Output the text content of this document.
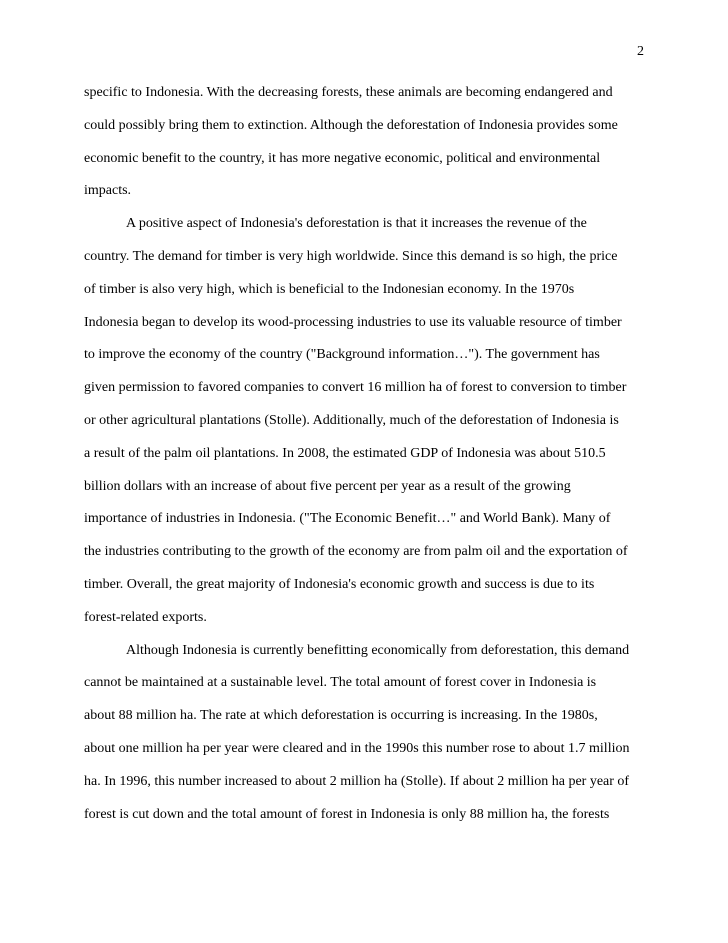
2
specific to Indonesia. With the decreasing forests, these animals are becoming endangered and
could possibly bring them to extinction. Although the deforestation of Indonesia provides some
economic benefit to the country, it has more negative economic, political and environmental
impacts.
A positive aspect of Indonesia's deforestation is that it increases the revenue of the
country. The demand for timber is very high worldwide. Since this demand is so high, the price
of timber is also very high, which is beneficial to the Indonesian economy. In the 1970s
Indonesia began to develop its wood-processing industries to use its valuable resource of timber
to improve the economy of the country ("Background information…"). The government has
given permission to favored companies to convert 16 million ha of forest to conversion to timber
or other agricultural plantations (Stolle). Additionally, much of the deforestation of Indonesia is
a result of the palm oil plantations. In 2008, the estimated GDP of Indonesia was about 510.5
billion dollars with an increase of about five percent per year as a result of the growing
importance of industries in Indonesia. ("The Economic Benefit…" and World Bank). Many of
the industries contributing to the growth of the economy are from palm oil and the exportation of
timber. Overall, the great majority of Indonesia's economic growth and success is due to its
forest-related exports.
Although Indonesia is currently benefitting economically from deforestation, this demand
cannot be maintained at a sustainable level. The total amount of forest cover in Indonesia is
about 88 million ha. The rate at which deforestation is occurring is increasing. In the 1980s,
about one million ha per year were cleared and in the 1990s this number rose to about 1.7 million
ha. In 1996, this number increased to about 2 million ha (Stolle). If about 2 million ha per year of
forest is cut down and the total amount of forest in Indonesia is only 88 million ha, the forests
